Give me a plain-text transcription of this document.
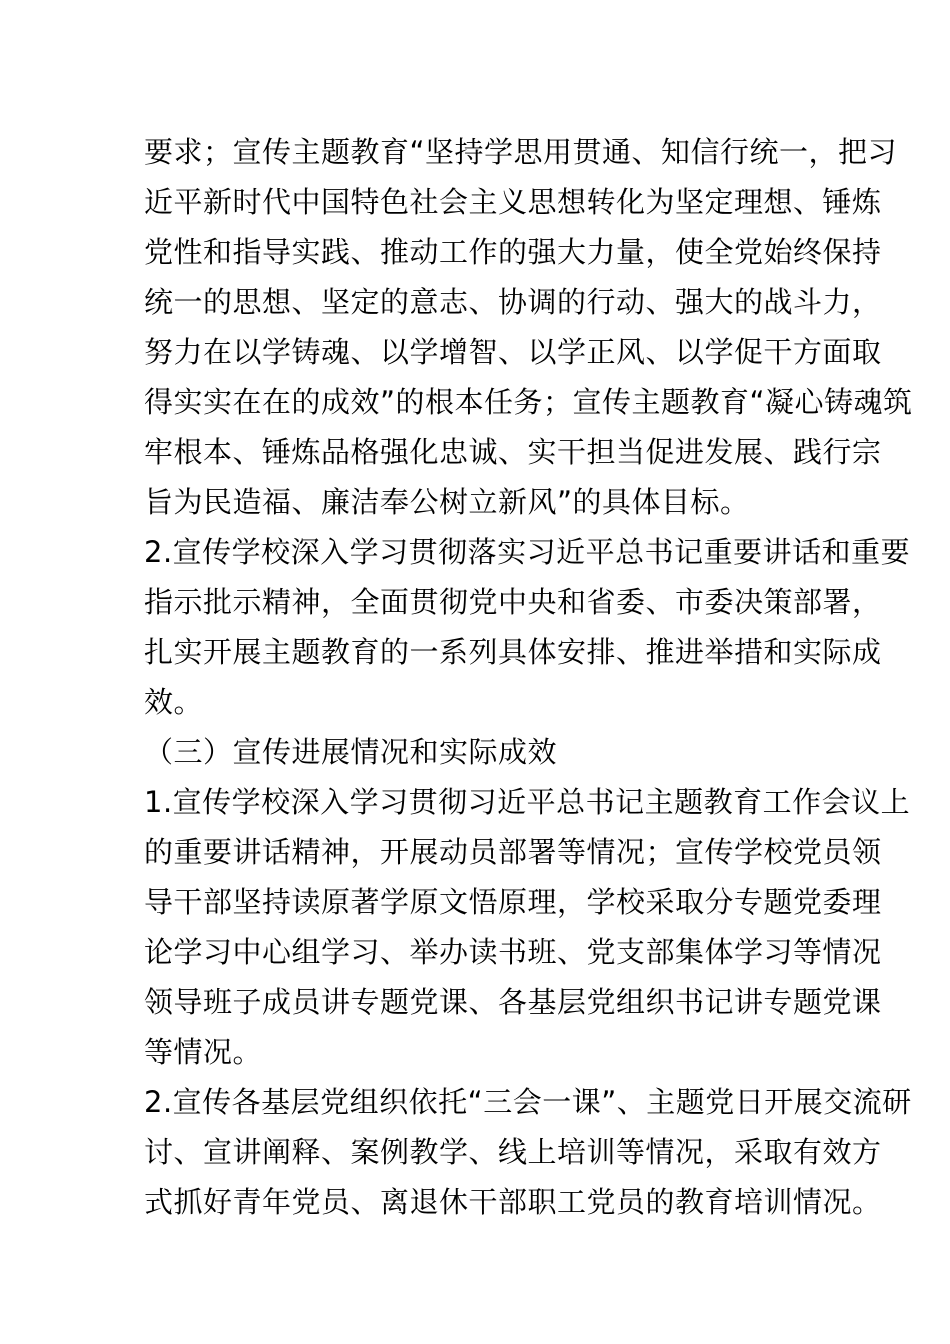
要求；宣传主题教育“坚持学思用贯通、知信行统一，把习
近平新时代中国特色社会主义思想转化为坚定理想、锤炼
党性和指导实践、推动工作的强大力量，使全党始终保持
统一的思想、坚定的意志、协调的行动、强大的战斗力，
努力在以学铸魂、以学增智、以学正风、以学促干方面取
得实实在在的成效”的根本任务；宣传主题教育“凝心铸魂筑
牢根本、锤炼品格强化忠诚、实干担当促进发展、践行宗
旨为民造福、廉洁奉公树立新风”的具体目标。
2.宣传学校深入学习贯彻落实习近平总书记重要讲话和重要
指示批示精神，全面贯彻党中央和省委、市委决策部署，
扎实开展主题教育的一系列具体安排、推进举措和实际成
效。
（三）宣传进展情况和实际成效
1.宣传学校深入学习贯彻习近平总书记主题教育工作会议上
的重要讲话精神，开展动员部署等情况；宣传学校党员领
导干部坚持读原著学原文悟原理，学校采取分专题党委理
论学习中心组学习、举办读书班、党支部集体学习等情况
领导班子成员讲专题党课、各基层党组织书记讲专题党课
等情况。
2.宣传各基层党组织依托“三会一课”、主题党日开展交流研
讨、宣讲阐释、案例教学、线上培训等情况，采取有效方
式抓好青年党员、离退休干部职工党员的教育培训情况。
